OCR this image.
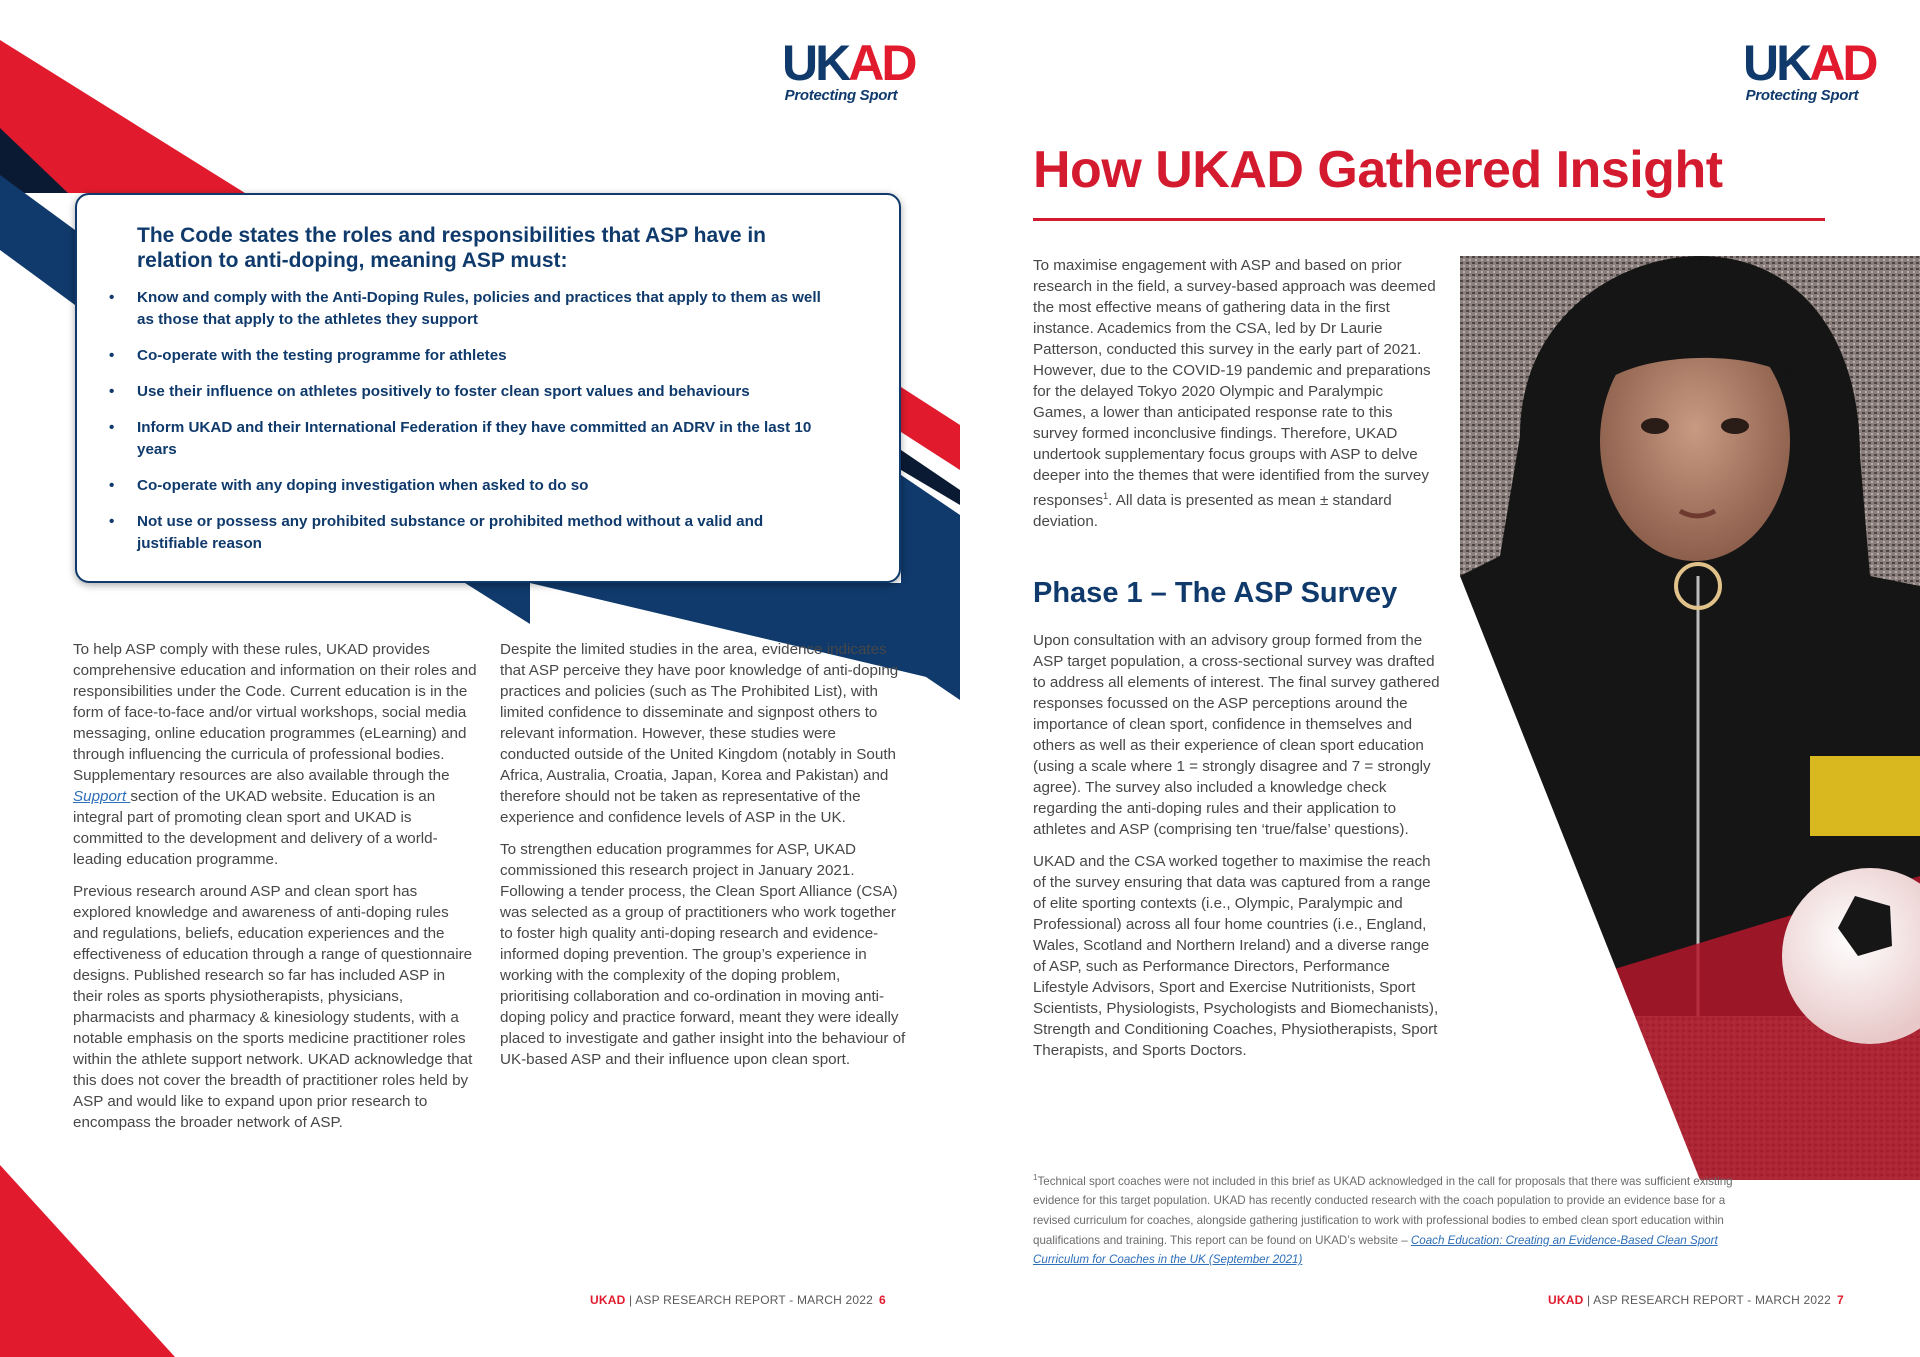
UKAD
Protecting Sport
The Code states the roles and responsibilities that ASP have in relation to anti-doping, meaning ASP must:
• Know and comply with the Anti-Doping Rules, policies and practices that apply to them as well as those that apply to the athletes they support
• Co-operate with the testing programme for athletes
• Use their influence on athletes positively to foster clean sport values and behaviours
• Inform UKAD and their International Federation if they have committed an ADRV in the last 10 years
• Co-operate with any doping investigation when asked to do so
• Not use or possess any prohibited substance or prohibited method without a valid and justifiable reason

To help ASP comply with these rules, UKAD provides comprehensive education and information on their roles and responsibilities under the Code. Current education is in the form of face-to-face and/or virtual workshops, social media messaging, online education programmes (eLearning) and through influencing the curricula of professional bodies. Supplementary resources are also available through the Support section of the UKAD website. Education is an integral part of promoting clean sport and UKAD is committed to the development and delivery of a world-leading education programme.

Previous research around ASP and clean sport has explored knowledge and awareness of anti-doping rules and regulations, beliefs, education experiences and the effectiveness of education through a range of questionnaire designs. Published research so far has included ASP in their roles as sports physiotherapists, physicians, pharmacists and pharmacy & kinesiology students, with a notable emphasis on the sports medicine practitioner roles within the athlete support network. UKAD acknowledge that this does not cover the breadth of practitioner roles held by ASP and would like to expand upon prior research to encompass the broader network of ASP.

Despite the limited studies in the area, evidence indicates that ASP perceive they have poor knowledge of anti-doping practices and policies (such as The Prohibited List), with limited confidence to disseminate and signpost others to relevant information. However, these studies were conducted outside of the United Kingdom (notably in South Africa, Australia, Croatia, Japan, Korea and Pakistan) and therefore should not be taken as representative of the experience and confidence levels of ASP in the UK.

To strengthen education programmes for ASP, UKAD commissioned this research project in January 2021. Following a tender process, the Clean Sport Alliance (CSA) was selected as a group of practitioners who work together to foster high quality anti-doping research and evidence-informed doping prevention. The group’s experience in working with the complexity of the doping problem, prioritising collaboration and co-ordination in moving anti-doping policy and practice forward, meant they were ideally placed to investigate and gather insight into the behaviour of UK-based ASP and their influence upon clean sport.

UKAD | ASP RESEARCH REPORT - MARCH 2022 6
UKAD
Protecting Sport
How UKAD Gathered Insight

To maximise engagement with ASP and based on prior research in the field, a survey-based approach was deemed the most effective means of gathering data in the first instance. Academics from the CSA, led by Dr Laurie Patterson, conducted this survey in the early part of 2021. However, due to the COVID-19 pandemic and preparations for the delayed Tokyo 2020 Olympic and Paralympic Games, a lower than anticipated response rate to this survey formed inconclusive findings. Therefore, UKAD undertook supplementary focus groups with ASP to delve deeper into the themes that were identified from the survey responses$^1$. All data is presented as mean ± standard deviation.

Phase 1 – The ASP Survey

Upon consultation with an advisory group formed from the ASP target population, a cross-sectional survey was drafted to address all elements of interest. The final survey gathered responses focussed on the ASP perceptions around the importance of clean sport, confidence in themselves and others as well as their experience of clean sport education (using a scale where 1 = strongly disagree and 7 = strongly agree). The survey also included a knowledge check regarding the anti-doping rules and their application to athletes and ASP (comprising ten ‘true/false’ questions).

UKAD and the CSA worked together to maximise the reach of the survey ensuring that data was captured from a range of elite sporting contexts (i.e., Olympic, Paralympic and Professional) across all four home countries (i.e., England, Wales, Scotland and Northern Ireland) and a diverse range of ASP, such as Performance Directors, Performance Lifestyle Advisors, Sport and Exercise Nutritionists, Sport Scientists, Physiologists, Psychologists and Biomechanists), Strength and Conditioning Coaches, Physiotherapists, Sport Therapists, and Sports Doctors.

$^1$Technical sport coaches were not included in this brief as UKAD acknowledged in the call for proposals that there was sufficient existing evidence for this target population. UKAD has recently conducted research with the coach population to provide an evidence base for a revised curriculum for coaches, alongside gathering justification to work with professional bodies to embed clean sport education within qualifications and training. This report can be found on UKAD’s website – Coach Education: Creating an Evidence-Based Clean Sport Curriculum for Coaches in the UK (September 2021)
UKAD | ASP RESEARCH REPORT - MARCH 2022 7
